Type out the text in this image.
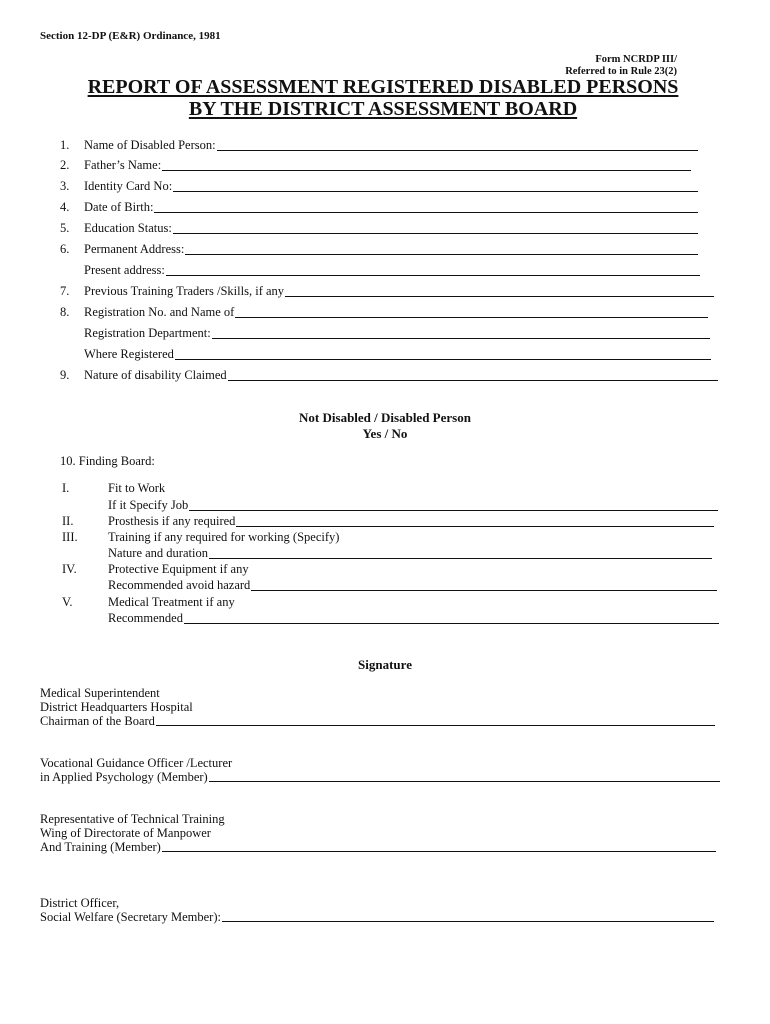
Section 12-DP (E&R) Ordinance, 1981
Form NCRDP III/
Referred to in Rule 23(2)
REPORT OF ASSESSMENT REGISTERED DISABLED PERSONS
BY THE DISTRICT ASSESSMENT BOARD
1.	Name of Disabled Person:
2.	Father’s Name:
3.	Identity Card No:
4.	Date of Birth:
5.	Education Status:
6.	Permanent Address:
Present address:
7.	Previous Training Traders /Skills, if any
8.	Registration No. and Name of
Registration Department:
Where Registered
9.	Nature of disability Claimed
Not Disabled / Disabled Person
Yes / No
10. Finding Board:
I.	Fit to Work
If it Specify Job
II.	Prosthesis if any required
III. Training if any required for working (Specify)
Nature and duration
IV.	Protective Equipment if any
Recommended avoid hazard
V.	Medical Treatment if any
Recommended
Signature
Medical Superintendent
District Headquarters Hospital
Chairman of the Board
Vocational Guidance Officer /Lecturer
in Applied Psychology (Member)
Representative of Technical Training
Wing of Directorate of Manpower
And Training (Member)
District Officer,
Social Welfare (Secretary Member):
